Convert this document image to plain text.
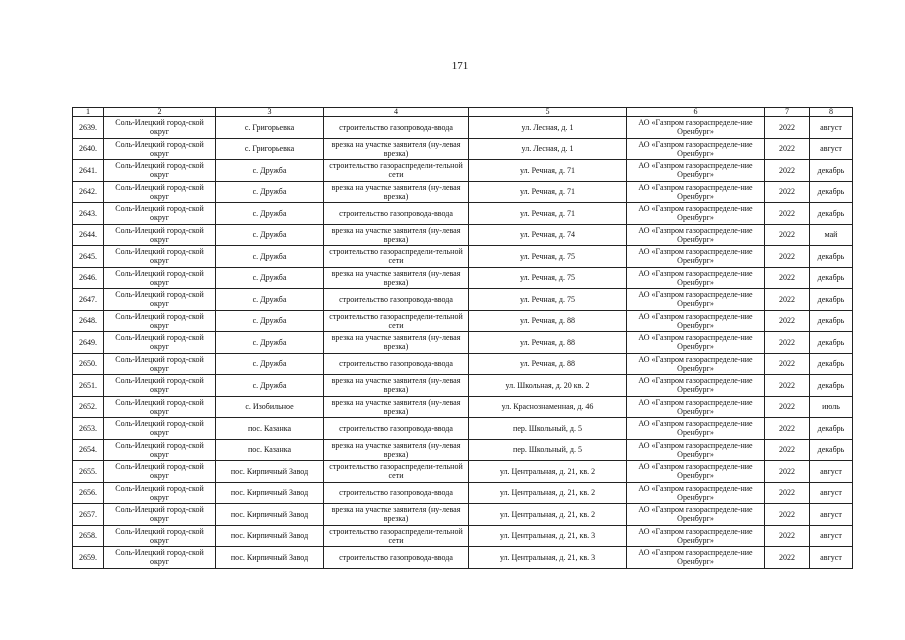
171
1	2	3	4	5	6	7	8
2639.	Соль-Илецкий город-ской округ	с. Григорьевка	строительство газопровода-ввода	ул. Лесная, д. 1	АО «Газпром газораспределе-ние Оренбург»	2022	август
2640.	Соль-Илецкий город-ской округ	с. Григорьевка	врезка на участке заявителя (ну-левая врезка)	ул. Лесная, д. 1	АО «Газпром газораспределе-ние Оренбург»	2022	август
2641.	Соль-Илецкий город-ской округ	с. Дружба	строительство газораспредели-тельной сети	ул. Речная, д. 71	АО «Газпром газораспределе-ние Оренбург»	2022	декабрь
2642.	Соль-Илецкий город-ской округ	с. Дружба	врезка на участке заявителя (ну-левая врезка)	ул. Речная, д. 71	АО «Газпром газораспределе-ние Оренбург»	2022	декабрь
2643.	Соль-Илецкий город-ской округ	с. Дружба	строительство газопровода-ввода	ул. Речная, д. 71	АО «Газпром газораспределе-ние Оренбург»	2022	декабрь
2644.	Соль-Илецкий город-ской округ	с. Дружба	врезка на участке заявителя (ну-левая врезка)	ул. Речная, д. 74	АО «Газпром газораспределе-ние Оренбург»	2022	май
2645.	Соль-Илецкий город-ской округ	с. Дружба	строительство газораспредели-тельной сети	ул. Речная, д. 75	АО «Газпром газораспределе-ние Оренбург»	2022	декабрь
2646.	Соль-Илецкий город-ской округ	с. Дружба	врезка на участке заявителя (ну-левая врезка)	ул. Речная, д. 75	АО «Газпром газораспределе-ние Оренбург»	2022	декабрь
2647.	Соль-Илецкий город-ской округ	с. Дружба	строительство газопровода-ввода	ул. Речная, д. 75	АО «Газпром газораспределе-ние Оренбург»	2022	декабрь
2648.	Соль-Илецкий город-ской округ	с. Дружба	строительство газораспредели-тельной сети	ул. Речная, д. 88	АО «Газпром газораспределе-ние Оренбург»	2022	декабрь
2649.	Соль-Илецкий город-ской округ	с. Дружба	врезка на участке заявителя (ну-левая врезка)	ул. Речная, д. 88	АО «Газпром газораспределе-ние Оренбург»	2022	декабрь
2650.	Соль-Илецкий город-ской округ	с. Дружба	строительство газопровода-ввода	ул. Речная, д. 88	АО «Газпром газораспределе-ние Оренбург»	2022	декабрь
2651.	Соль-Илецкий город-ской округ	с. Дружба	врезка на участке заявителя (ну-левая врезка)	ул. Школьная, д. 20 кв. 2	АО «Газпром газораспределе-ние Оренбург»	2022	декабрь
2652.	Соль-Илецкий город-ской округ	с. Изобильное	врезка на участке заявителя (ну-левая врезка)	ул. Краснознаменная, д. 46	АО «Газпром газораспределе-ние Оренбург»	2022	июль
2653.	Соль-Илецкий город-ской округ	пос. Казанка	строительство газопровода-ввода	пер. Школьный, д. 5	АО «Газпром газораспределе-ние Оренбург»	2022	декабрь
2654.	Соль-Илецкий город-ской округ	пос. Казанка	врезка на участке заявителя (ну-левая врезка)	пер. Школьный, д. 5	АО «Газпром газораспределе-ние Оренбург»	2022	декабрь
2655.	Соль-Илецкий город-ской округ	пос. Кирпичный Завод	строительство газораспредели-тельной сети	ул. Центральная, д. 21, кв. 2	АО «Газпром газораспределе-ние Оренбург»	2022	август
2656.	Соль-Илецкий город-ской округ	пос. Кирпичный Завод	строительство газопровода-ввода	ул. Центральная, д. 21, кв. 2	АО «Газпром газораспределе-ние Оренбург»	2022	август
2657.	Соль-Илецкий город-ской округ	пос. Кирпичный Завод	врезка на участке заявителя (ну-левая врезка)	ул. Центральная, д. 21, кв. 2	АО «Газпром газораспределе-ние Оренбург»	2022	август
2658.	Соль-Илецкий город-ской округ	пос. Кирпичный Завод	строительство газораспредели-тельной сети	ул. Центральная, д. 21, кв. 3	АО «Газпром газораспределе-ние Оренбург»	2022	август
2659.	Соль-Илецкий город-ской округ	пос. Кирпичный Завод	строительство газопровода-ввода	ул. Центральная, д. 21, кв. 3	АО «Газпром газораспределе-ние Оренбург»	2022	август
